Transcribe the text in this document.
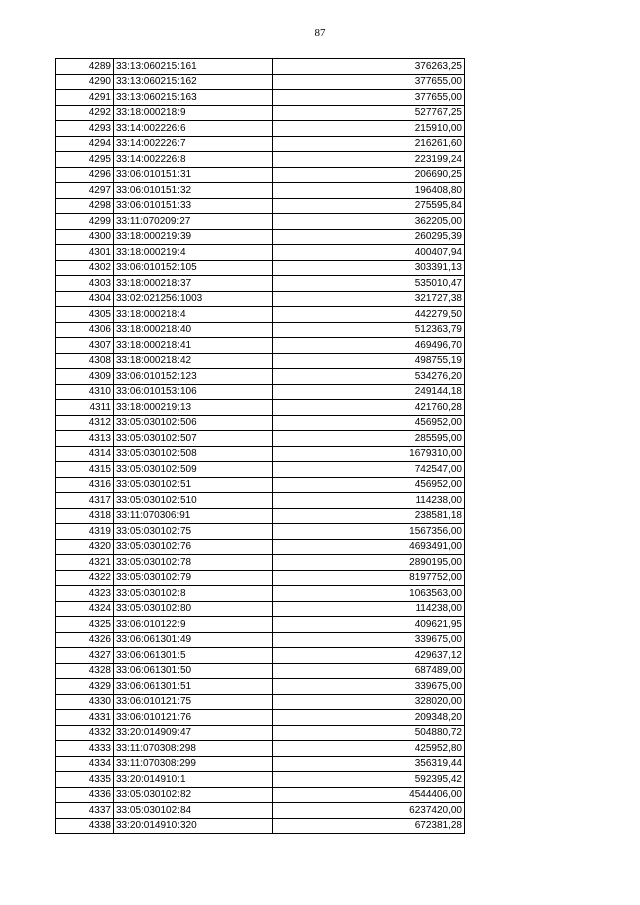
87
4289	33:13:060215:161	376263,25
4290	33:13:060215:162	377655,00
4291	33:13:060215:163	377655,00
4292	33:18:000218:9	527767,25
4293	33:14:002226:6	215910,00
4294	33:14:002226:7	216261,60
4295	33:14:002226:8	223199,24
4296	33:06:010151:31	206690,25
4297	33:06:010151:32	196408,80
4298	33:06:010151:33	275595,84
4299	33:11:070209:27	362205,00
4300	33:18:000219:39	260295,39
4301	33:18:000219:4	400407,94
4302	33:06:010152:105	303391,13
4303	33:18:000218:37	535010,47
4304	33:02:021256:1003	321727,38
4305	33:18:000218:4	442279,50
4306	33:18:000218:40	512363,79
4307	33:18:000218:41	469496,70
4308	33:18:000218:42	498755,19
4309	33:06:010152:123	534276,20
4310	33:06:010153:106	249144,18
4311	33:18:000219:13	421760,28
4312	33:05:030102:506	456952,00
4313	33:05:030102:507	285595,00
4314	33:05:030102:508	1679310,00
4315	33:05:030102:509	742547,00
4316	33:05:030102:51	456952,00
4317	33:05:030102:510	114238,00
4318	33:11:070306:91	238581,18
4319	33:05:030102:75	1567356,00
4320	33:05:030102:76	4693491,00
4321	33:05:030102:78	2890195,00
4322	33:05:030102:79	8197752,00
4323	33:05:030102:8	1063563,00
4324	33:05:030102:80	114238,00
4325	33:06:010122:9	409621,95
4326	33:06:061301:49	339675,00
4327	33:06:061301:5	429637,12
4328	33:06:061301:50	687489,00
4329	33:06:061301:51	339675,00
4330	33:06:010121:75	328020,00
4331	33:06:010121:76	209348,20
4332	33:20:014909:47	504880,72
4333	33:11:070308:298	425952,80
4334	33:11:070308:299	356319,44
4335	33:20:014910:1	592395,42
4336	33:05:030102:82	4544406,00
4337	33:05:030102:84	6237420,00
4338	33:20:014910:320	672381,28
